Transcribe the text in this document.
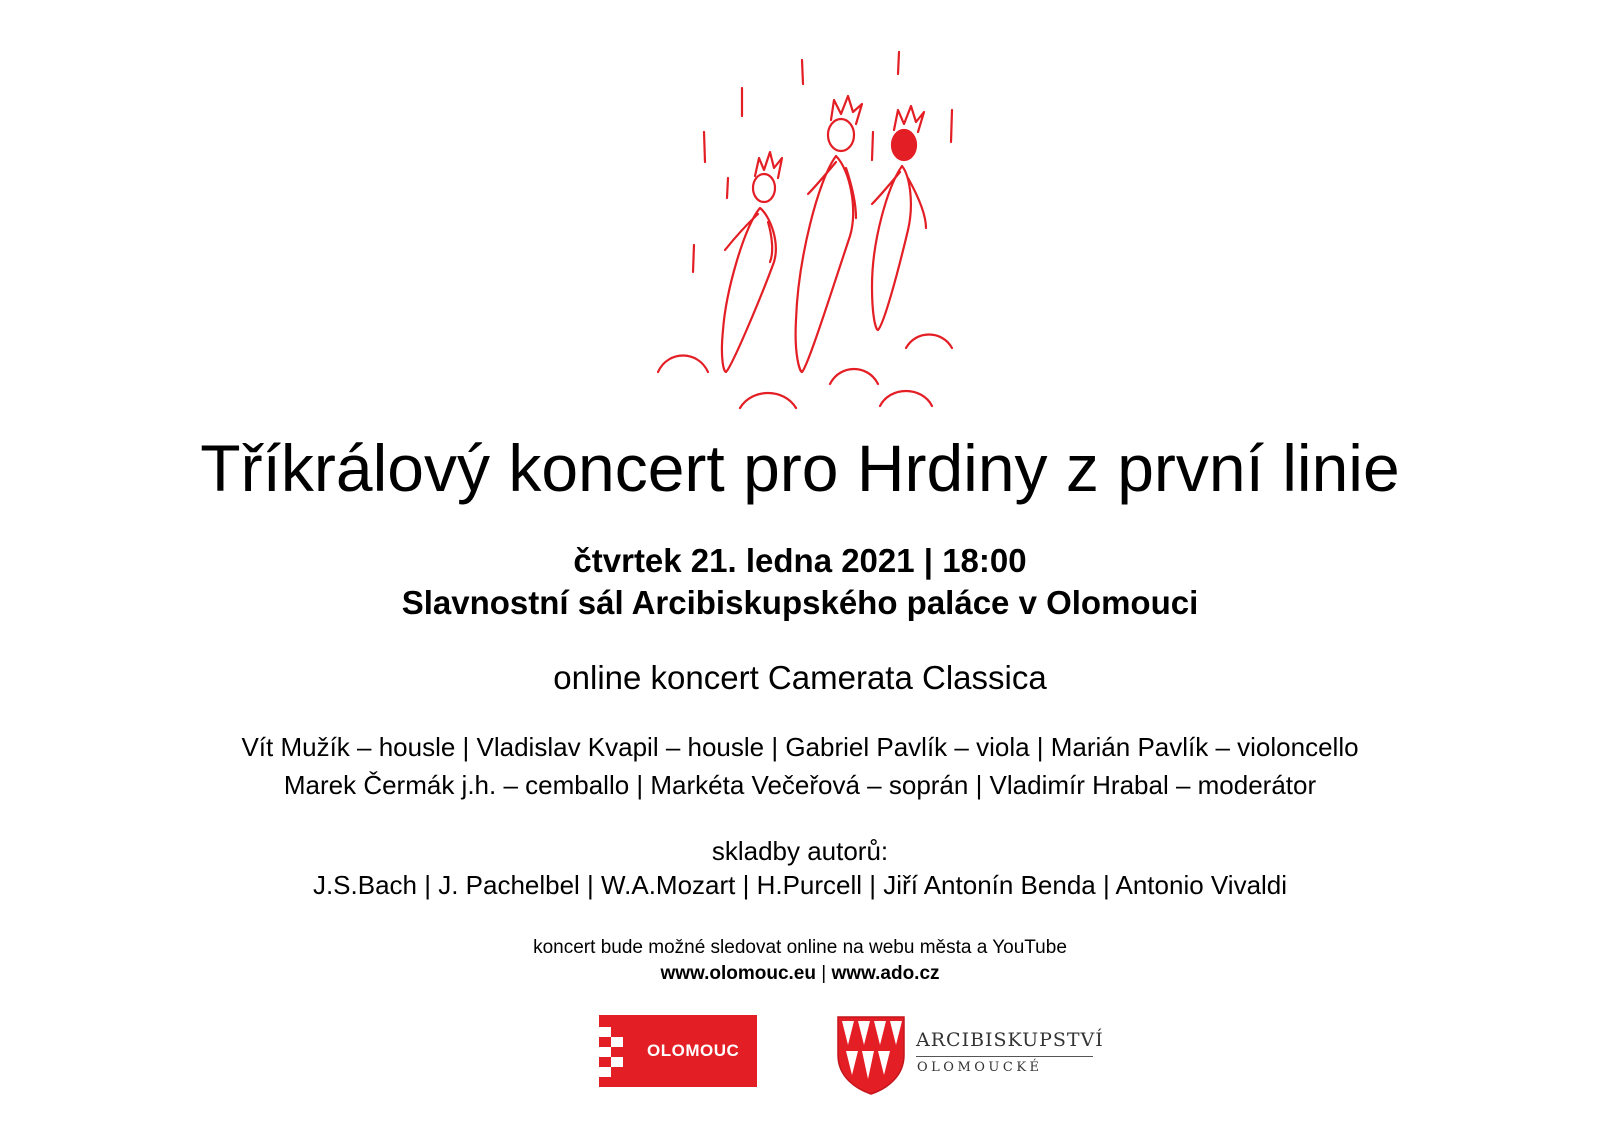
Tříkrálový koncert pro Hrdiny z první linie
čtvrtek 21. ledna 2021 | 18:00
Slavnostní sál Arcibiskupského paláce v Olomouci
online koncert Camerata Classica
Vít Mužík – housle | Vladislav Kvapil – housle | Gabriel Pavlík – viola | Marián Pavlík – violoncello
Marek Čermák j.h. – cemballo | Markéta Večeřová – soprán | Vladimír Hrabal – moderátor
skladby autorů:
J.S.Bach | J. Pachelbel | W.A.Mozart | H.Purcell | Jiří Antonín Benda | Antonio Vivaldi
koncert bude možné sledovat online na webu města a YouTube
www.olomouc.eu | www.ado.cz
OLOMOUC	ARCIBISKUPSTVÍ
OLOMOUCKÉ
